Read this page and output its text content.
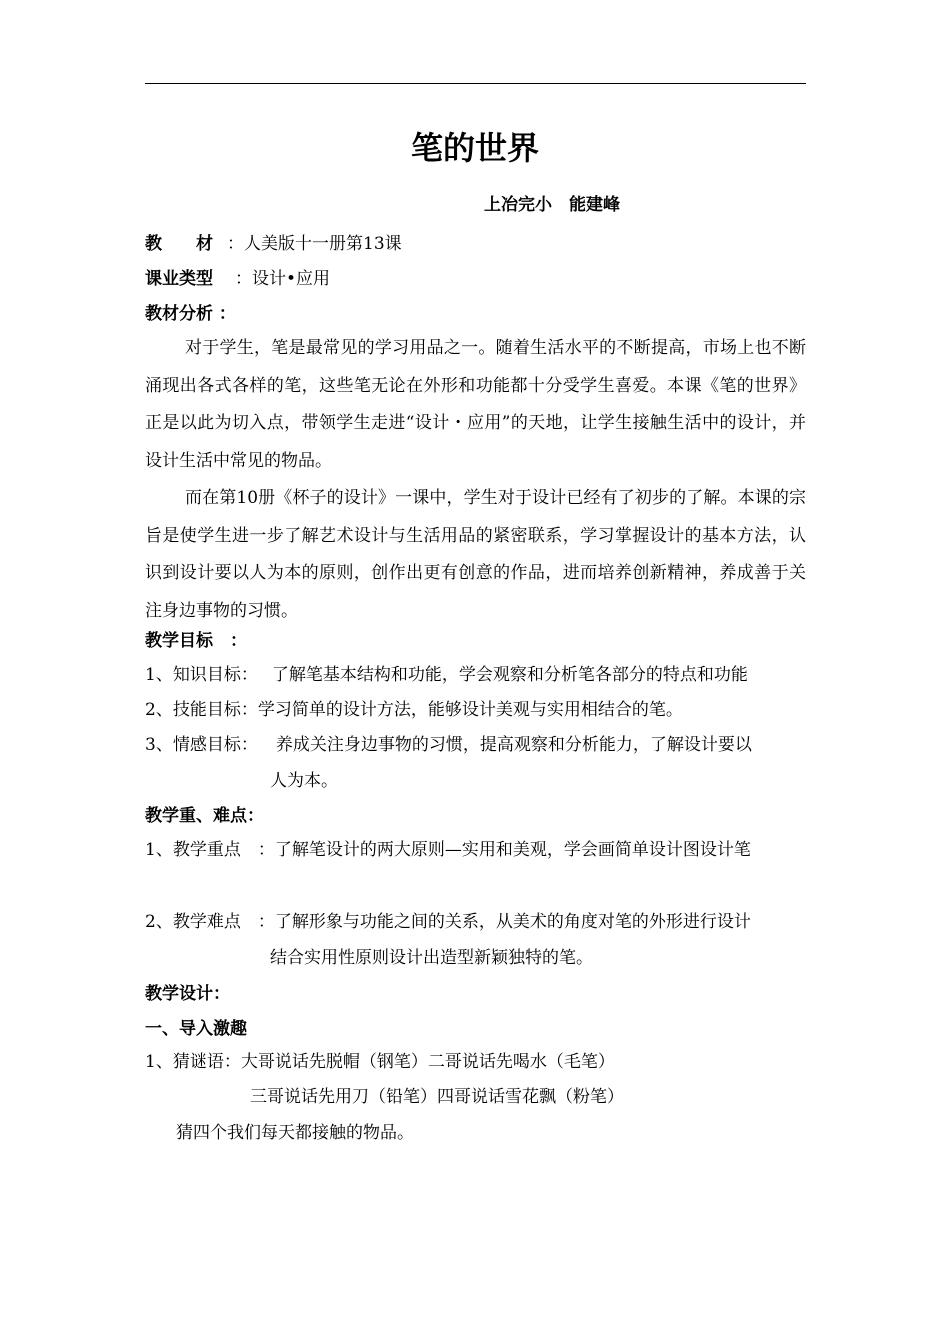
笔的世界
上冶完小　能建峰
教　　材 ：人美版十一册第13课
课业类型 ：设计•应用
教材分析 ：
对于学生，笔是最常见的学习用品之一。随着生活水平的不断提高，市场上也不断涌现出各式各样的笔，这些笔无论在外形和功能都十分受学生喜爱。本课《笔的世界》正是以此为切入点，带领学生走进“设计・应用”的天地，让学生接触生活中的设计，并设计生活中常见的物品。
而在第10册《杯子的设计》一课中，学生对于设计已经有了初步的了解。本课的宗旨是使学生进一步了解艺术设计与生活用品的紧密联系，学习掌握设计的基本方法，认识到设计要以人为本的原则，创作出更有创意的作品，进而培养创新精神，养成善于关注身边事物的习惯。
教学目标　：
1、知识目标： 了解笔基本结构和功能，学会观察和分析笔各部分的特点和功能
2、技能目标：学习简单的设计方法，能够设计美观与实用相结合的笔。
3、情感目标： 养成关注身边事物的习惯，提高观察和分析能力，了解设计要以
人为本。
教学重、难点：
1、教学重点　：了解笔设计的两大原则—实用和美观，学会画简单设计图设计笔
2、教学难点　：了解形象与功能之间的关系，从美术的角度对笔的外形进行设计
结合实用性原则设计出造型新颖独特的笔。
教学设计：
一、导入激趣
1、猜谜语：大哥说话先脱帽（钢笔）二哥说话先喝水（毛笔）
三哥说话先用刀（铅笔）四哥说话雪花飘（粉笔）
猜四个我们每天都接触的物品。
